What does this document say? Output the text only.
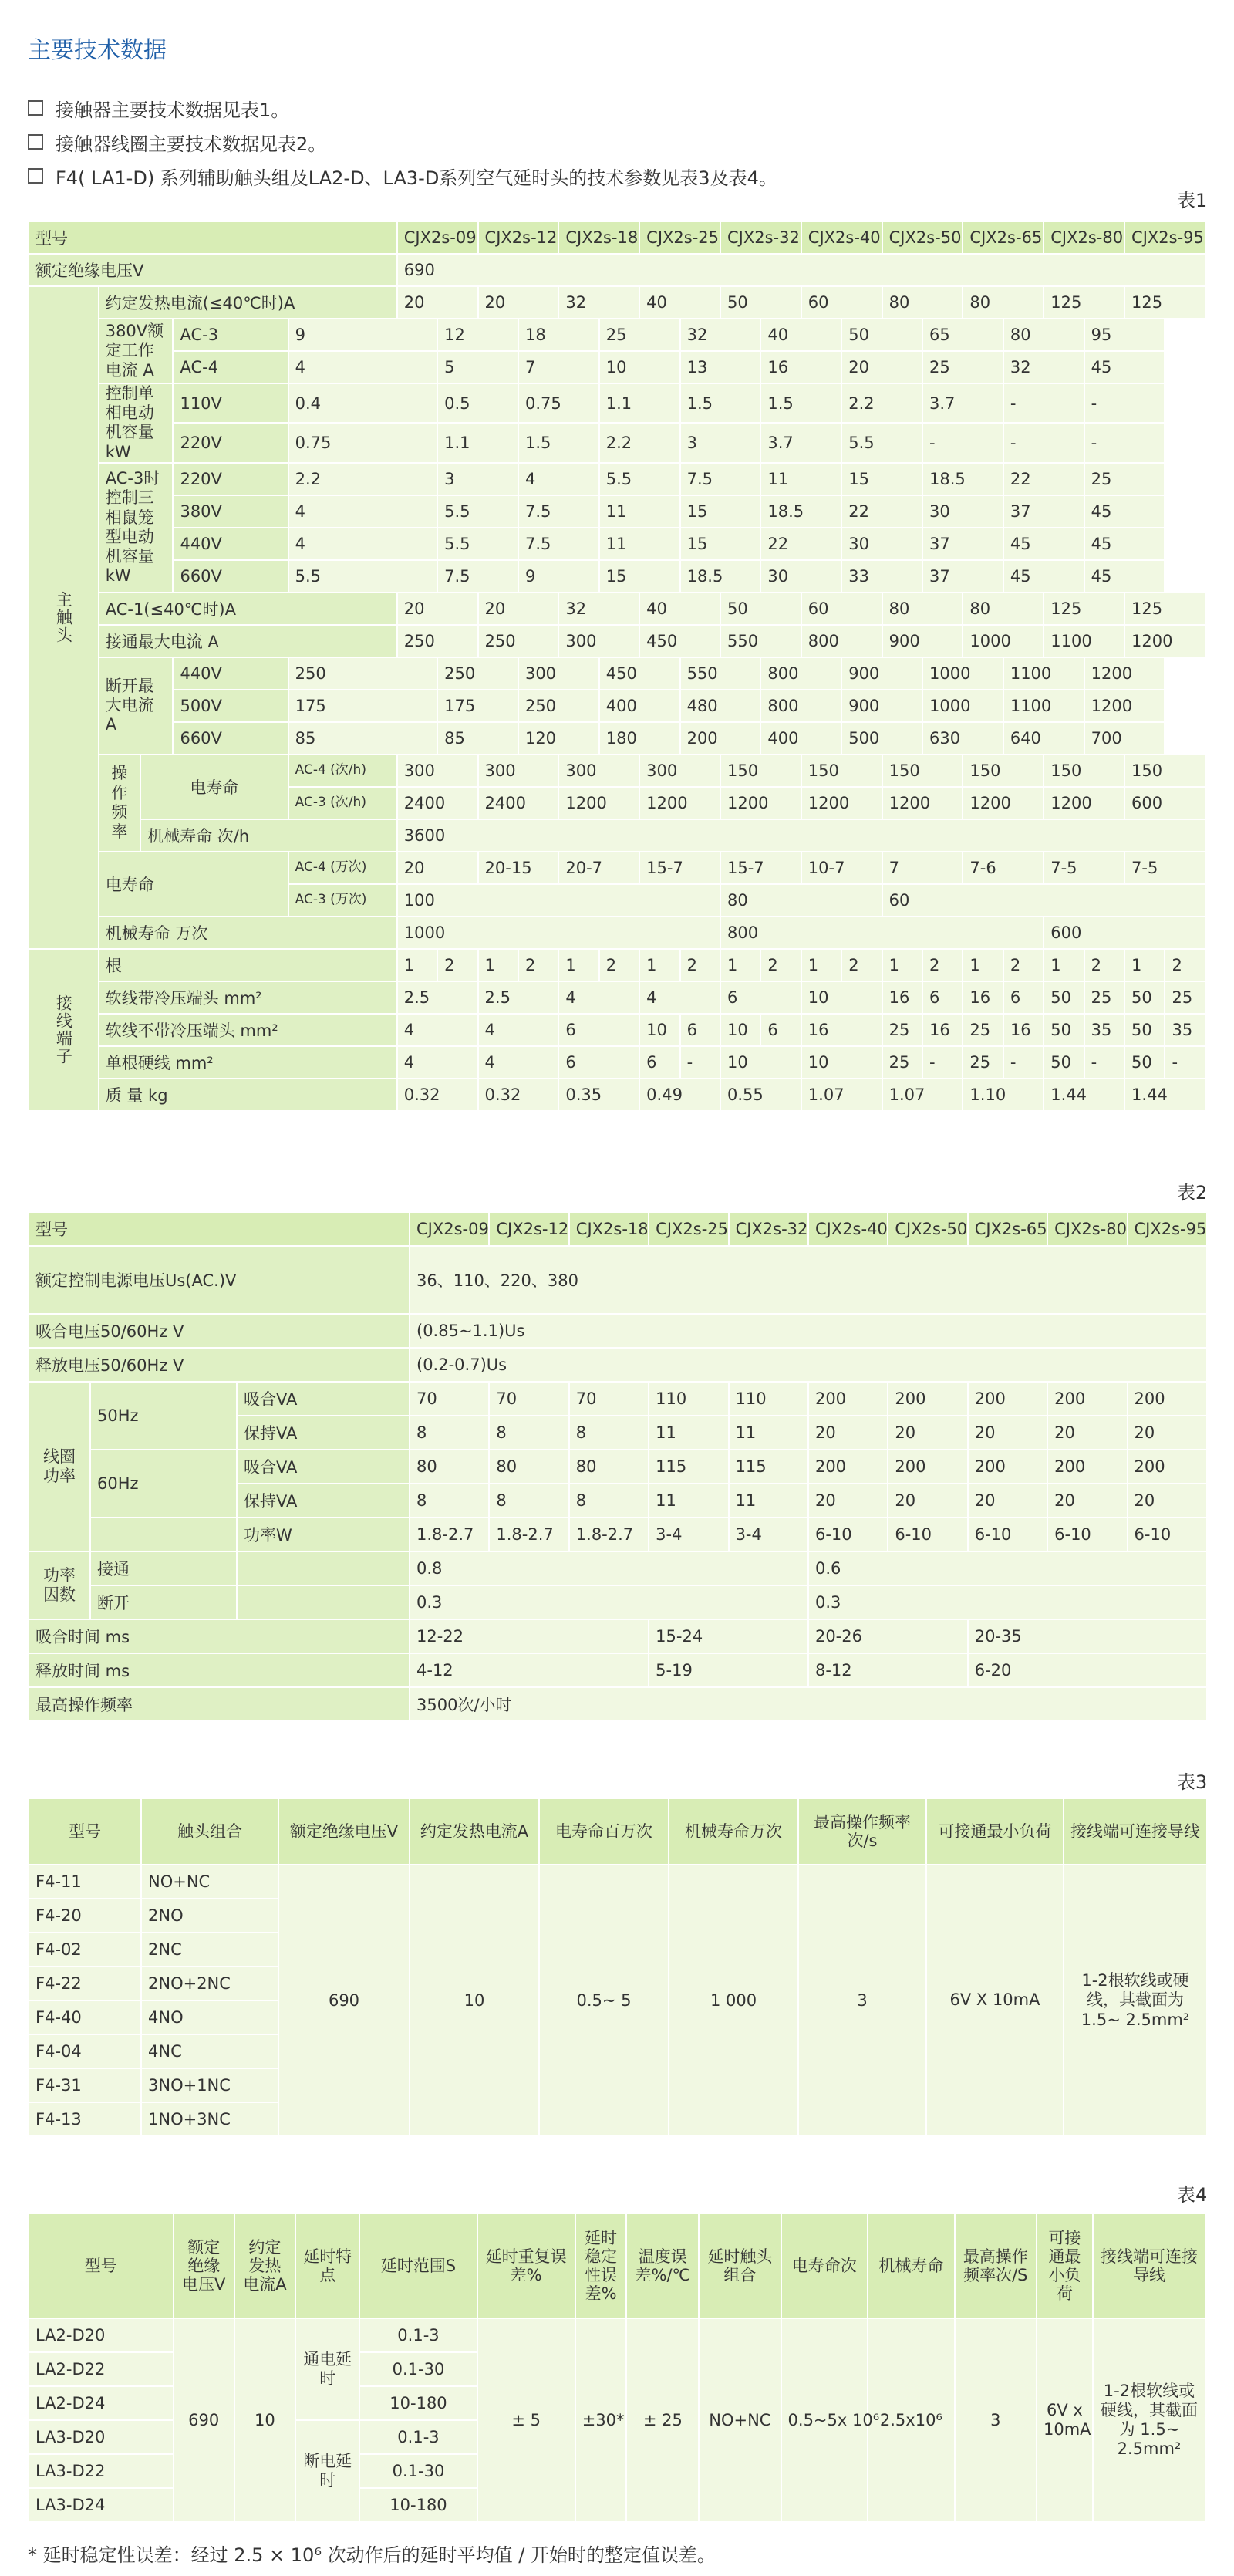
主要技术数据
接触器主要技术数据见表1。
接触器线圈主要技术数据见表2。
F4( LA1-D) 系列辅助触头组及LA2-D、LA3-D系列空气延时头的技术参数见表3及表4。
表1
型号					CJX2s-09		CJX2s-12		CJX2s-18		CJX2s-25		CJX2s-32		CJX2s-40		CJX2s-50		CJX2s-65		CJX2s-80		CJX2s-95	
额定绝缘电压V					690																			

主触头	约定发热电流(≤40℃时)A				20		20		32		40		50		60		80		80		125		125	
	380V额定工作电流 A		AC-3	9		12		18		25		32		40		50		65		80		95		
			AC-4	4		5		7		10		13		16		20		25		32		45		
	控制单相电动机容量 kW		110V	0.4		0.5		0.75		1.1		1.5		1.5		2.2		3.7		-		-		
			220V	0.75		1.1		1.5		2.2		3		3.7		5.5		-		-		-		
	AC-3时控制三相鼠笼型电动机容量 kW		220V	2.2		3		4		5.5		7.5		11		15		18.5		22		25		
			380V	4		5.5		7.5		11		15		18.5		22		30		37		45		
			440V	4		5.5		7.5		11		15		22		30		37		45		45		
			660V	5.5		7.5		9		15		18.5		30		33		37		45		45		
	AC-1(≤40℃时)A				20		20		32		40		50		60		80		80		125		125	
	接通最大电流 A				250		250		300		450		550		800		900		1000		1100		1200	
	断开最大电流 A		440V	250		250		300		450		550		800		900		1000		1100		1200		
			500V	175		175		250		400		480		800		900		1000		1100		1200		
			660V	85		85		120		180		200		400		500		630		640		700		
	操作频率	电寿命		AC-4 (次/h)	300		300		300		300		150		150		150		150		150		150	
				AC-3 (次/h)	2400		2400		1200		1200		1200		1200		1200		1200		1200		600	
		机械寿命 次/h			3600																			
	电寿命			AC-4 (万次)	20		20-15		20-7		15-7		15-7		10-7		7		7-6		7-5		7-5	
				AC-3 (万次)	100								80				60							
	机械寿命 万次				1000								800								600			

接线端子	根				1	2	1	2	1	2	1	2	1	2	1	2	1	2	1	2	1	2	1	2
	软线带冷压端头 mm²				2.5		2.5		4		4		6		10		16	6	16	6	50	25	50	25
	软线不带冷压端头 mm²				4		4		6		10	6	10	6	16		25	16	25	16	50	35	50	35
	单根硬线 mm²				4		4		6		6	-	10		10		25	-	25	-	50	-	50	-
	质 量 kg				0.32		0.32		0.35		0.49		0.55		1.07		1.07		1.10		1.44		1.44	
表2
型号			CJX2s-09	CJX2s-12	CJX2s-18	CJX2s-25	CJX2s-32	CJX2s-40	CJX2s-50	CJX2s-65	CJX2s-80	CJX2s-95
额定控制电源电压Us(AC.)V			36、110、220、380									
吸合电压50/60Hz V			(0.85~1.1)Us									
释放电压50/60Hz V			(0.2-0.7)Us									
线圈功率	50Hz	吸合VA	70	70	70	110	110	200	200	200	200	200
		保持VA	8	8	8	11	11	20	20	20	20	20
	60Hz	吸合VA	80	80	80	115	115	200	200	200	200	200
		保持VA	8	8	8	11	11	20	20	20	20	20
		功率W	1.8-2.7	1.8-2.7	1.8-2.7	3-4	3-4	6-10	6-10	6-10	6-10	6-10
功率因数	接通		0.8					0.6				
	断开		0.3					0.3				
吸合时间 ms			12-22			15-24		20-26		20-35		
释放时间 ms			4-12			5-19		8-12		6-20		
最高操作频率			3500次/小时									
表3
型号	触头组合	额定绝缘电压V	约定发热电流A	电寿命百万次	机械寿命万次	最高操作频率次/s	可接通最小负荷	接线端可连接导线
F4-11	NO+NC	690	10	0.5~ 5	1 000	3	6V X 10mA	1-2根软线或硬线，其截面为1.5~ 2.5mm²
F4-20	2NO							
F4-02	2NC							
F4-22	2NO+2NC							
F4-40	4NO							
F4-04	4NC							
F4-31	3NO+1NC							
F4-13	1NO+3NC							
表4
型号	额定绝缘电压V	约定发热电流A	延时特点	延时范围S	延时重复误差%	延时稳定性误差%	温度误差%/℃	延时触头组合	电寿命次	机械寿命	最高操作频率次/S	可接通最小负荷	接线端可连接导线
LA2-D20	690	10	通电延时	0.1-3	± 5	±30*	± 25	NO+NC	0.5~5x 10⁶	2.5x10⁶	3	6V x 10mA	1-2根软线或硬线，其截面为 1.5~ 2.5mm²
LA2-D22				0.1-30									
LA2-D24				10-180									
LA3-D20			断电延时	0.1-3									
LA3-D22				0.1-30									
LA3-D24				10-180									
* 延时稳定性误差：经过 2.5 × 10⁶ 次动作后的延时平均值 / 开始时的整定值误差。
